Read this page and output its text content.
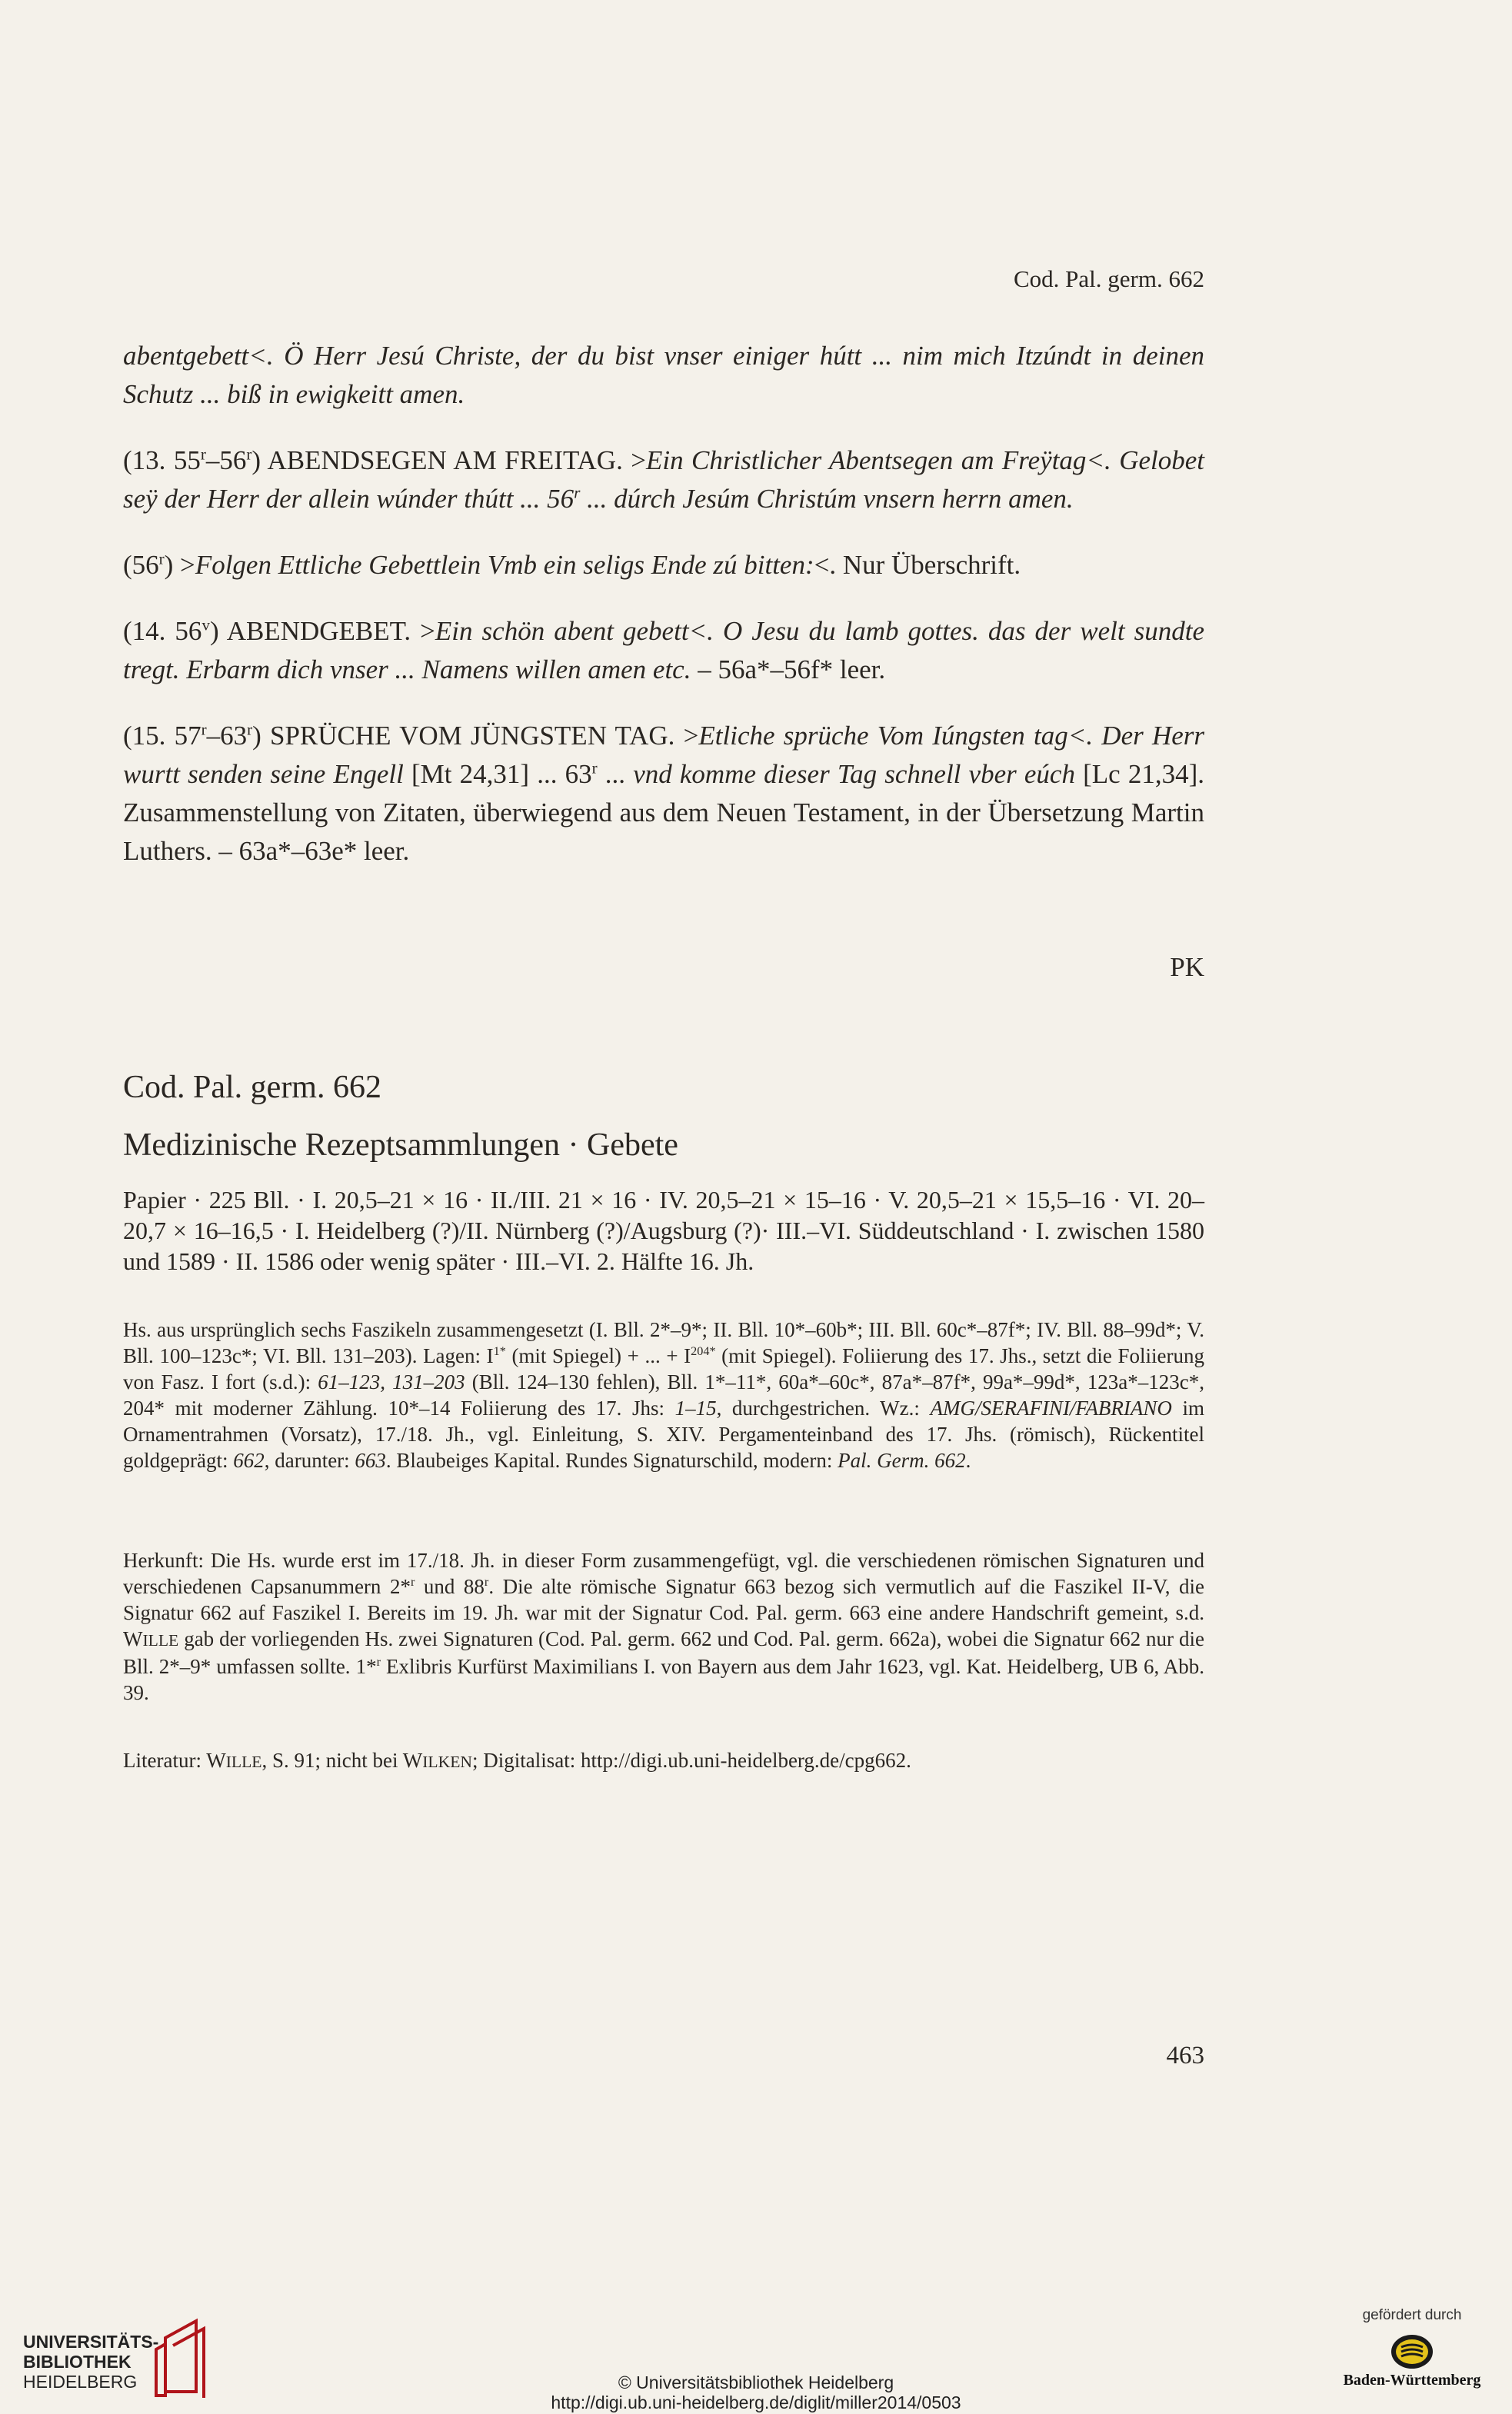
Cod. Pal. germ. 662

abentgebett<. Ö Herr Jesú Christe, der du bist vnser einiger hútt ... nim mich Itzúndt in deinen Schutz ... biß in ewigkeitt amen.

(13. 55$^r$–56$^r$) ABENDSEGEN AM FREITAG. >Ein Christlicher Abentsegen am Freÿtag<. Gelobet seÿ der Herr der allein wúnder thútt ... 56$^r$ ... dúrch Jesúm Christúm vnsern herrn amen.

$(56^r)$ >Folgen Ettliche Gebettlein Vmb ein seligs Ende zú bitten:<. Nur Überschrift.

(14. 56$^v$) ABENDGEBET. >Ein schön abent gebett<. O Jesu du lamb gottes. das der welt sundte tregt. Erbarm dich vnser ... Namens willen amen etc. – 56a*–56f* leer.

(15. 57$^r$–63$^r$) SPRÜCHE VOM JÜNGSTEN TAG. >Etliche sprüche Vom Iúngsten tag<. Der Herr wurtt senden seine Engell [Mt 24,31] ... 63$^r$ ... vnd komme dieser Tag schnell vber eúch [Lc 21,34]. Zusammenstellung von Zitaten, überwiegend aus dem Neuen Testament, in der Übersetzung Martin Luthers. – 63a*–63e* leer.

PK
Cod. Pal. germ. 662
Medizinische Rezeptsammlungen · Gebete
Papier · 225 Bll. · I. 20,5–21 × 16 · II./III. 21 × 16 · IV. 20,5–21 × 15–16 · V. 20,5–21 × 15,5–16 · VI. 20–20,7 × 16–16,5 · I. Heidelberg (?)/II. Nürnberg (?)/Augsburg (?)· III.–VI. Süddeutschland · I. zwischen 1580 und 1589 · II. 1586 oder wenig später · III.–VI. 2. Hälfte 16. Jh.
Hs. aus ursprünglich sechs Faszikeln zusammengesetzt (I. Bll. 2*–9*; II. Bll. 10*–60b*; III. Bll. 60c*–87f*; IV. Bll. 88–99d*; V. Bll. 100–123c*; VI. Bll. 131–203). Lagen: $I^{1*}$ (mit Spiegel) + ... + $I^{204*}$ (mit Spiegel). Foliierung des 17. Jhs., setzt die Foliierung von Fasz. I fort (s.d.): 61–123, 131–203 (Bll. 124–130 fehlen), Bll. 1*–11*, 60a*–60c*, 87a*–87f*, 99a*–99d*, 123a*–123c*, 204* mit moderner Zählung. 10*–14 Foliierung des 17. Jhs: 1–15, durchgestrichen. Wz.: AMG/SERAFINI/FABRIANO im Ornamentrahmen (Vorsatz), 17./18. Jh., vgl. Einleitung, S. XIV. Pergamenteinband des 17. Jhs. (römisch), Rückentitel goldgeprägt: 662, darunter: 663. Blaubeiges Kapital. Rundes Signaturschild, modern: Pal. Germ. 662.
Herkunft: Die Hs. wurde erst im 17./18. Jh. in dieser Form zusammengefügt, vgl. die verschiedenen römischen Signaturen und verschiedenen Capsanummern 2*$^r$ und 88$^r$. Die alte römische Signatur 663 bezog sich vermutlich auf die Faszikel II-V, die Signatur 662 auf Faszikel I. Bereits im 19. Jh. war mit der Signatur Cod. Pal. germ. 663 eine andere Handschrift gemeint, s.d. WILLE gab der vorliegenden Hs. zwei Signaturen (Cod. Pal. germ. 662 und Cod. Pal. germ. 662a), wobei die Signatur 662 nur die Bll. 2*–9* umfassen sollte. 1*$^r$ Exlibris Kurfürst Maximilians I. von Bayern aus dem Jahr 1623, vgl. Kat. Heidelberg, UB 6, Abb. 39.
Literatur: WILLE, S. 91; nicht bei WILKEN; Digitalisat: http://digi.ub.uni-heidelberg.de/cpg662.
463
UNIVERSITÄTS-
BIBLIOTHEK
HEIDELBERG	© Universitätsbibliothek Heidelberg
http://digi.ub.uni-heidelberg.de/diglit/miller2014/0503
gefördert durch
Baden-Württemberg
